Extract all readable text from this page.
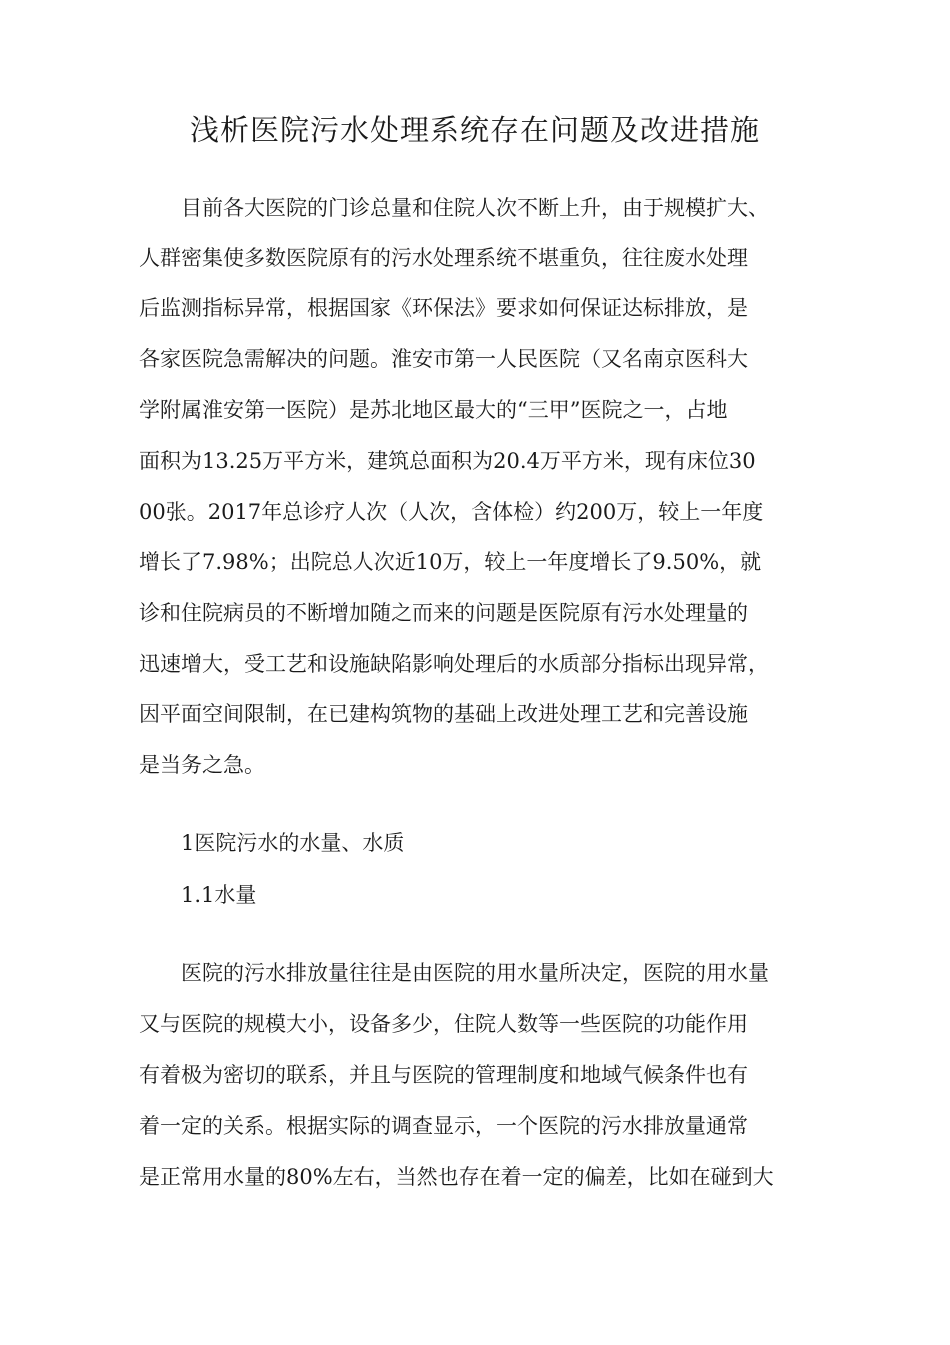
浅析医院污水处理系统存在问题及改进措施

　　目前各大医院的门诊总量和住院人次不断上升，由于规模扩大、

人群密集使多数医院原有的污水处理系统不堪重负，往往废水处理

后监测指标异常，根据国家《环保法》要求如何保证达标排放，是

各家医院急需解决的问题。淮安市第一人民医院（又名南京医科大

学附属淮安第一医院）是苏北地区最大的“三甲”医院之一，占地

面积为13.25万平方米，建筑总面积为20.4万平方米，现有床位30

00张。2017年总诊疗人次（人次，含体检）约200万，较上一年度

增长了7.98%；出院总人次近10万，较上一年度增长了9.50%，就

诊和住院病员的不断增加随之而来的问题是医院原有污水处理量的

迅速增大，受工艺和设施缺陷影响处理后的水质部分指标出现异常，

因平面空间限制，在已建构筑物的基础上改进处理工艺和完善设施

是当务之急。

　　1医院污水的水量、水质

　　1.1水量

　　医院的污水排放量往往是由医院的用水量所决定，医院的用水量

又与医院的规模大小，设备多少，住院人数等一些医院的功能作用

有着极为密切的联系，并且与医院的管理制度和地域气候条件也有

着一定的关系。根据实际的调查显示，一个医院的污水排放量通常

是正常用水量的80%左右，当然也存在着一定的偏差，比如在碰到大
